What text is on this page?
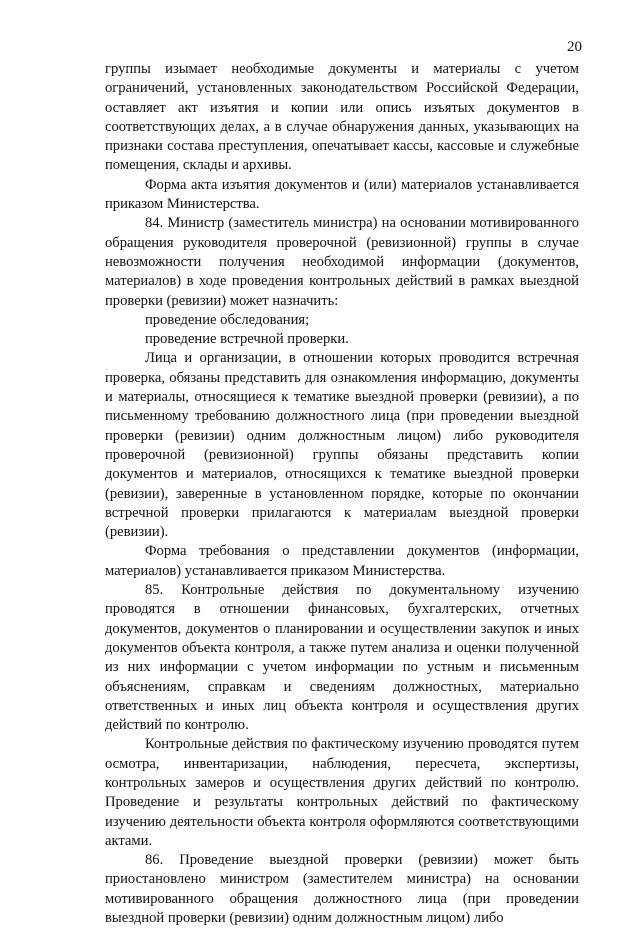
20

группы изымает необходимые документы и материалы с учетом ограничений, установленных законодательством Российской Федерации, оставляет акт изъятия и копии или опись изъятых документов в соответствующих делах, а в случае обнаружения данных, указывающих на признаки состава преступления, опечатывает кассы, кассовые и служебные помещения, склады и архивы.

Форма акта изъятия документов и (или) материалов устанавливается приказом Министерства.

84. Министр (заместитель министра) на основании мотивированного обращения руководителя проверочной (ревизионной) группы в случае невозможности получения необходимой информации (документов, материалов) в ходе проведения контрольных действий в рамках выездной проверки (ревизии) может назначить:

проведение обследования;

проведение встречной проверки.

Лица и организации, в отношении которых проводится встречная проверка, обязаны представить для ознакомления информацию, документы и материалы, относящиеся к тематике выездной проверки (ревизии), а по письменному требованию должностного лица (при проведении выездной проверки (ревизии) одним должностным лицом) либо руководителя проверочной (ревизионной) группы обязаны представить копии документов и материалов, относящихся к тематике выездной проверки (ревизии), заверенные в установленном порядке, которые по окончании встречной проверки прилагаются к материалам выездной проверки (ревизии).

Форма требования о представлении документов (информации, материалов) устанавливается приказом Министерства.

85. Контрольные действия по документальному изучению проводятся в отношении финансовых, бухгалтерских, отчетных документов, документов о планировании и осуществлении закупок и иных документов объекта контроля, а также путем анализа и оценки полученной из них информации с учетом информации по устным и письменным объяснениям, справкам и сведениям должностных, материально ответственных и иных лиц объекта контроля и осуществления других действий по контролю.

Контрольные действия по фактическому изучению проводятся путем осмотра, инвентаризации, наблюдения, пересчета, экспертизы, контрольных замеров и осуществления других действий по контролю. Проведение и результаты контрольных действий по фактическому изучению деятельности объекта контроля оформляются соответствующими актами.

86. Проведение выездной проверки (ревизии) может быть приостановлено министром (заместителем министра) на основании мотивированного обращения должностного лица (при проведении выездной проверки (ревизии) одним должностным лицом) либо
